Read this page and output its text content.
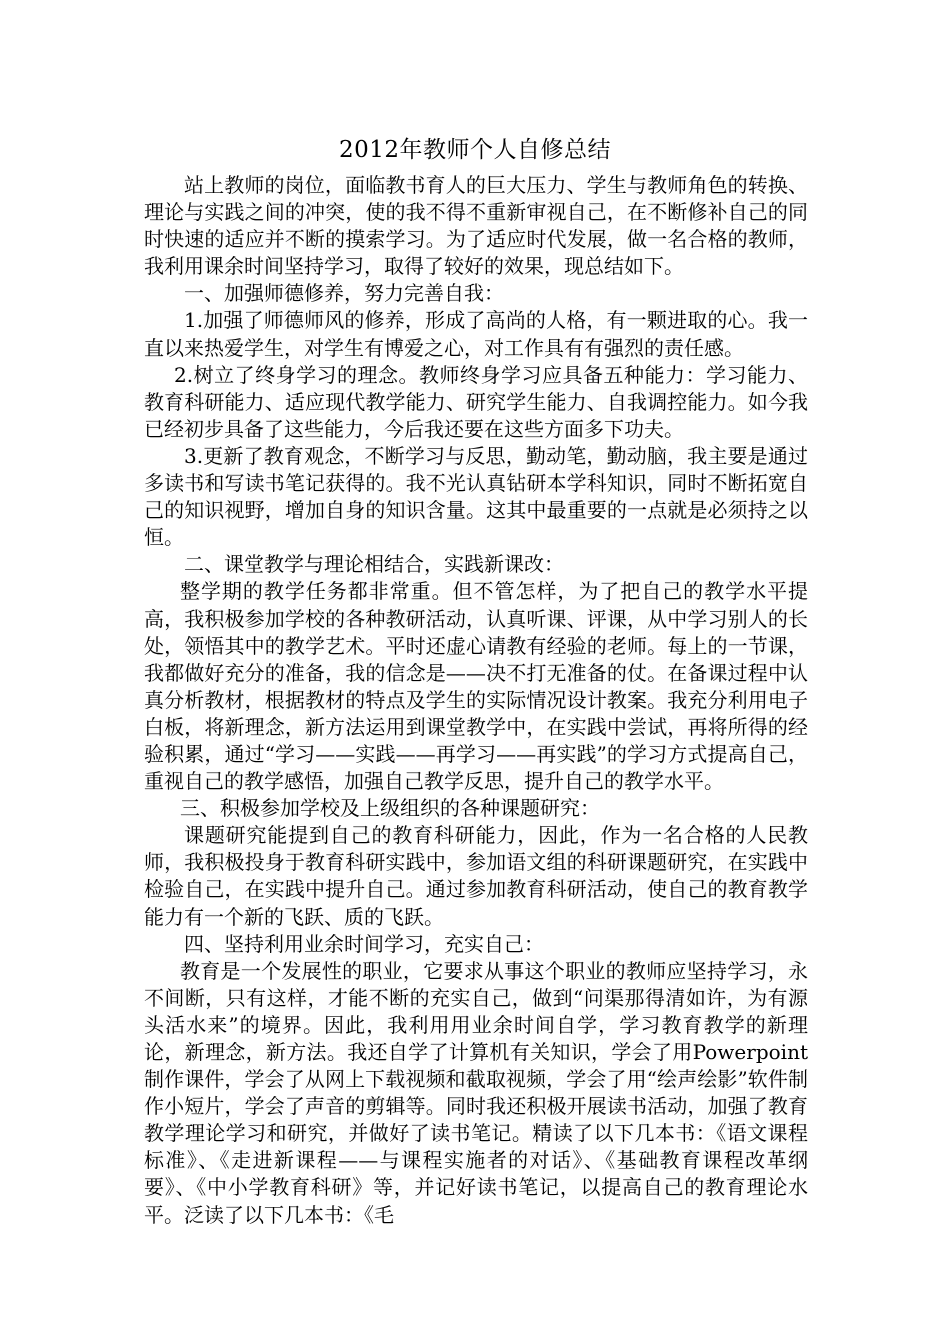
2012年教师个人自修总结

站上教师的岗位，面临教书育人的巨大压力、学生与教师角色的转换、理论与实践之间的冲突，使的我不得不重新审视自己，在不断修补自己的同时快速的适应并不断的摸索学习。为了适应时代发展，做一名合格的教师，我利用课余时间坚持学习，取得了较好的效果，现总结如下。

一、加强师德修养，努力完善自我：

1.加强了师德师风的修养，形成了高尚的人格，有一颗进取的心。我一直以来热爱学生，对学生有博爱之心，对工作具有有强烈的责任感。

2.树立了终身学习的理念。教师终身学习应具备五种能力：学习能力、教育科研能力、适应现代教学能力、研究学生能力、自我调控能力。如今我已经初步具备了这些能力，今后我还要在这些方面多下功夫。

3.更新了教育观念，不断学习与反思，勤动笔，勤动脑，我主要是通过多读书和写读书笔记获得的。我不光认真钻研本学科知识，同时不断拓宽自己的知识视野，增加自身的知识含量。这其中最重要的一点就是必须持之以恒。

二、课堂教学与理论相结合，实践新课改：

整学期的教学任务都非常重。但不管怎样，为了把自己的教学水平提高，我积极参加学校的各种教研活动，认真听课、评课，从中学习别人的长处，领悟其中的教学艺术。平时还虚心请教有经验的老师。每上的一节课，我都做好充分的准备，我的信念是——决不打无准备的仗。在备课过程中认真分析教材，根据教材的特点及学生的实际情况设计教案。我充分利用电子白板，将新理念，新方法运用到课堂教学中，在实践中尝试，再将所得的经验积累，通过“学习——实践——再学习——再实践”的学习方式提高自己，重视自己的教学感悟，加强自己教学反思，提升自己的教学水平。

三、积极参加学校及上级组织的各种课题研究：

课题研究能提到自己的教育科研能力，因此，作为一名合格的人民教师，我积极投身于教育科研实践中，参加语文组的科研课题研究，在实践中检验自己，在实践中提升自己。通过参加教育科研活动，使自己的教育教学能力有一个新的飞跃、质的飞跃。

四、坚持利用业余时间学习，充实自己：

教育是一个发展性的职业，它要求从事这个职业的教师应坚持学习，永不间断，只有这样，才能不断的充实自己，做到“问渠那得清如许，为有源头活水来”的境界。因此，我利用用业余时间自学，学习教育教学的新理论，新理念，新方法。我还自学了计算机有关知识，学会了用Powerpoint制作课件，学会了从网上下载视频和截取视频，学会了用“绘声绘影”软件制作小短片，学会了声音的剪辑等。同时我还积极开展读书活动，加强了教育教学理论学习和研究，并做好了读书笔记。精读了以下几本书：《语文课程标准》、《走进新课程——与课程实施者的对话》、《基础教育课程改革纲要》、《中小学教育科研》等，并记好读书笔记，以提高自己的教育理论水平。泛读了以下几本书：《毛
